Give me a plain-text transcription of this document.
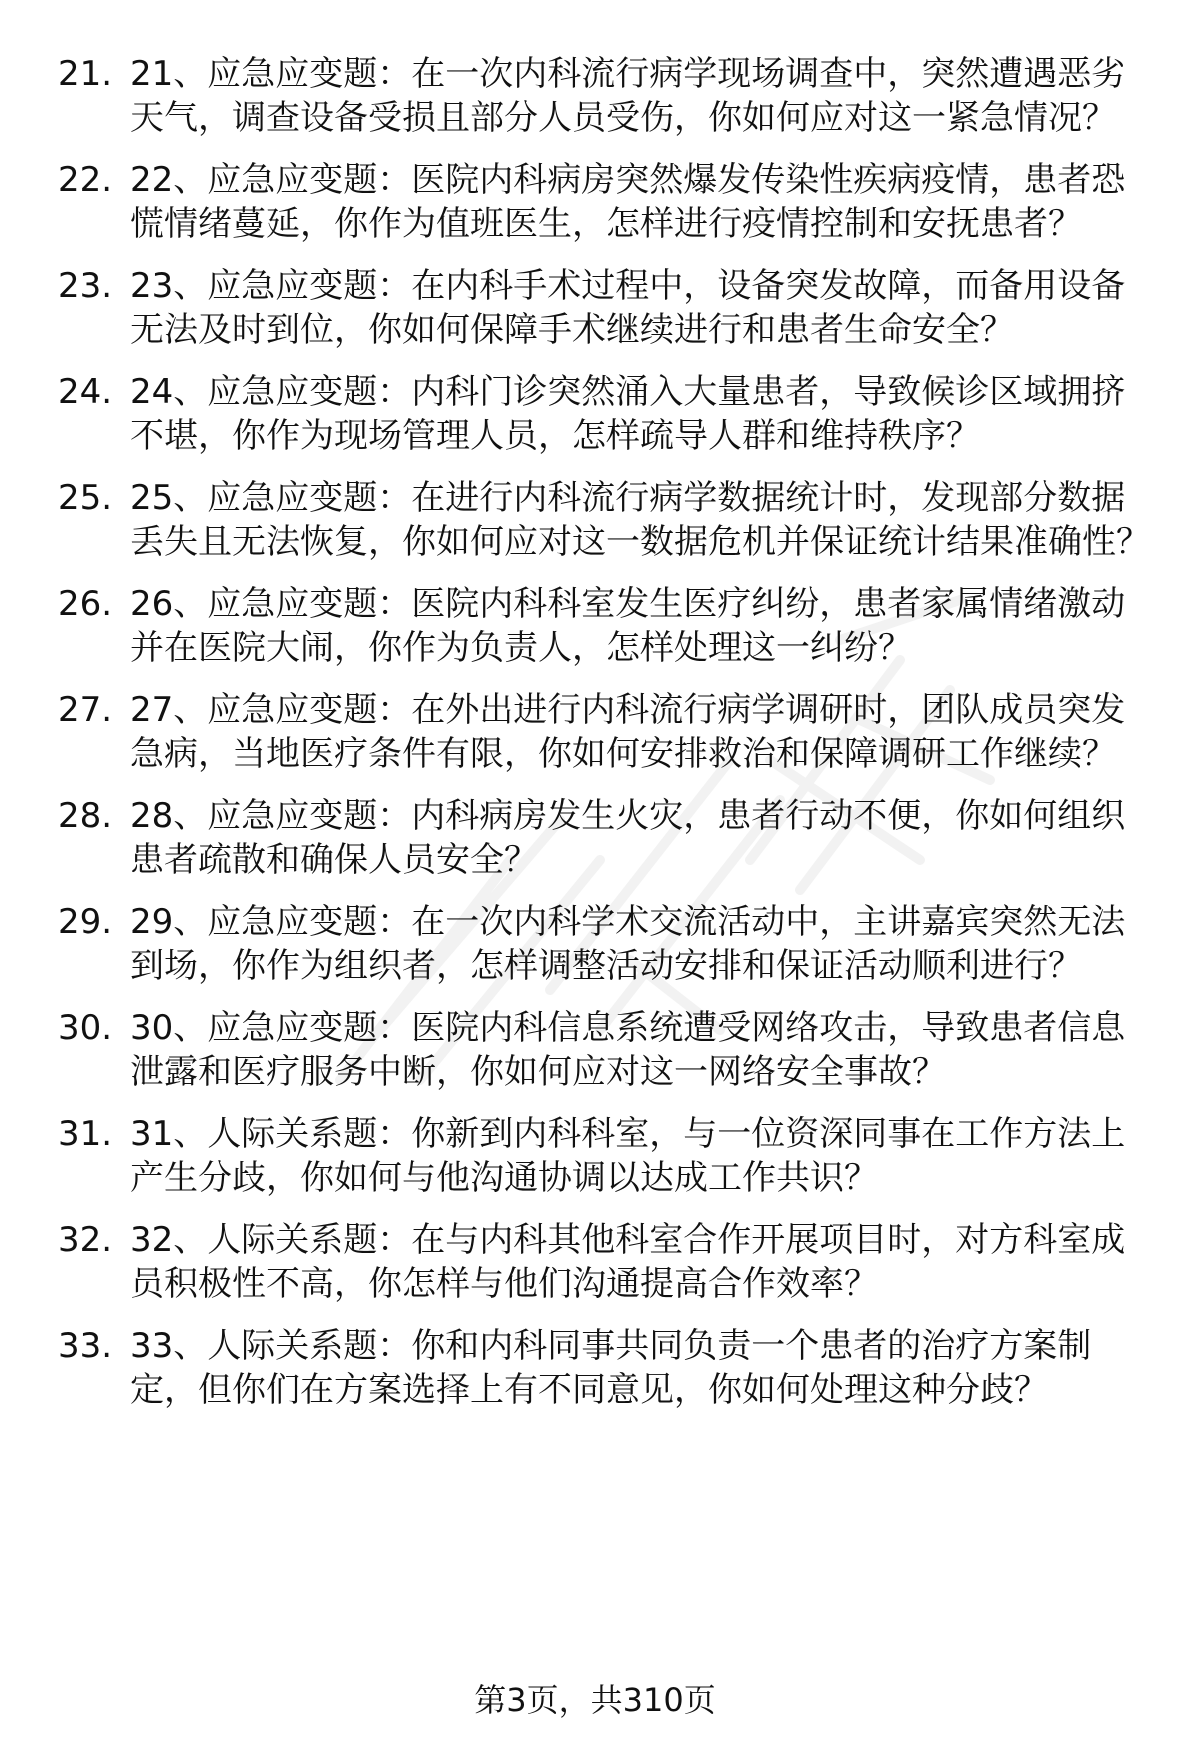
21. 21、应急应变题：在一次内科流行病学现场调查中，突然遭遇恶劣天气，调查设备受损且部分人员受伤，你如何应对这一紧急情况？
22. 22、应急应变题：医院内科病房突然爆发传染性疾病疫情，患者恐慌情绪蔓延，你作为值班医生，怎样进行疫情控制和安抚患者？
23. 23、应急应变题：在内科手术过程中，设备突发故障，而备用设备无法及时到位，你如何保障手术继续进行和患者生命安全？
24. 24、应急应变题：内科门诊突然涌入大量患者，导致候诊区域拥挤不堪，你作为现场管理人员，怎样疏导人群和维持秩序？
25. 25、应急应变题：在进行内科流行病学数据统计时，发现部分数据丢失且无法恢复，你如何应对这一数据危机并保证统计结果准确性？
26. 26、应急应变题：医院内科科室发生医疗纠纷，患者家属情绪激动并在医院大闹，你作为负责人，怎样处理这一纠纷？
27. 27、应急应变题：在外出进行内科流行病学调研时，团队成员突发急病，当地医疗条件有限，你如何安排救治和保障调研工作继续？
28. 28、应急应变题：内科病房发生火灾，患者行动不便，你如何组织患者疏散和确保人员安全？
29. 29、应急应变题：在一次内科学术交流活动中，主讲嘉宾突然无法到场，你作为组织者，怎样调整活动安排和保证活动顺利进行？
30. 30、应急应变题：医院内科信息系统遭受网络攻击，导致患者信息泄露和医疗服务中断，你如何应对这一网络安全事故？
31. 31、人际关系题：你新到内科科室，与一位资深同事在工作方法上产生分歧，你如何与他沟通协调以达成工作共识？
32. 32、人际关系题：在与内科其他科室合作开展项目时，对方科室成员积极性不高，你怎样与他们沟通提高合作效率？
33. 33、人际关系题：你和内科同事共同负责一个患者的治疗方案制定，但你们在方案选择上有不同意见，你如何处理这种分歧？
第3页，共310页
